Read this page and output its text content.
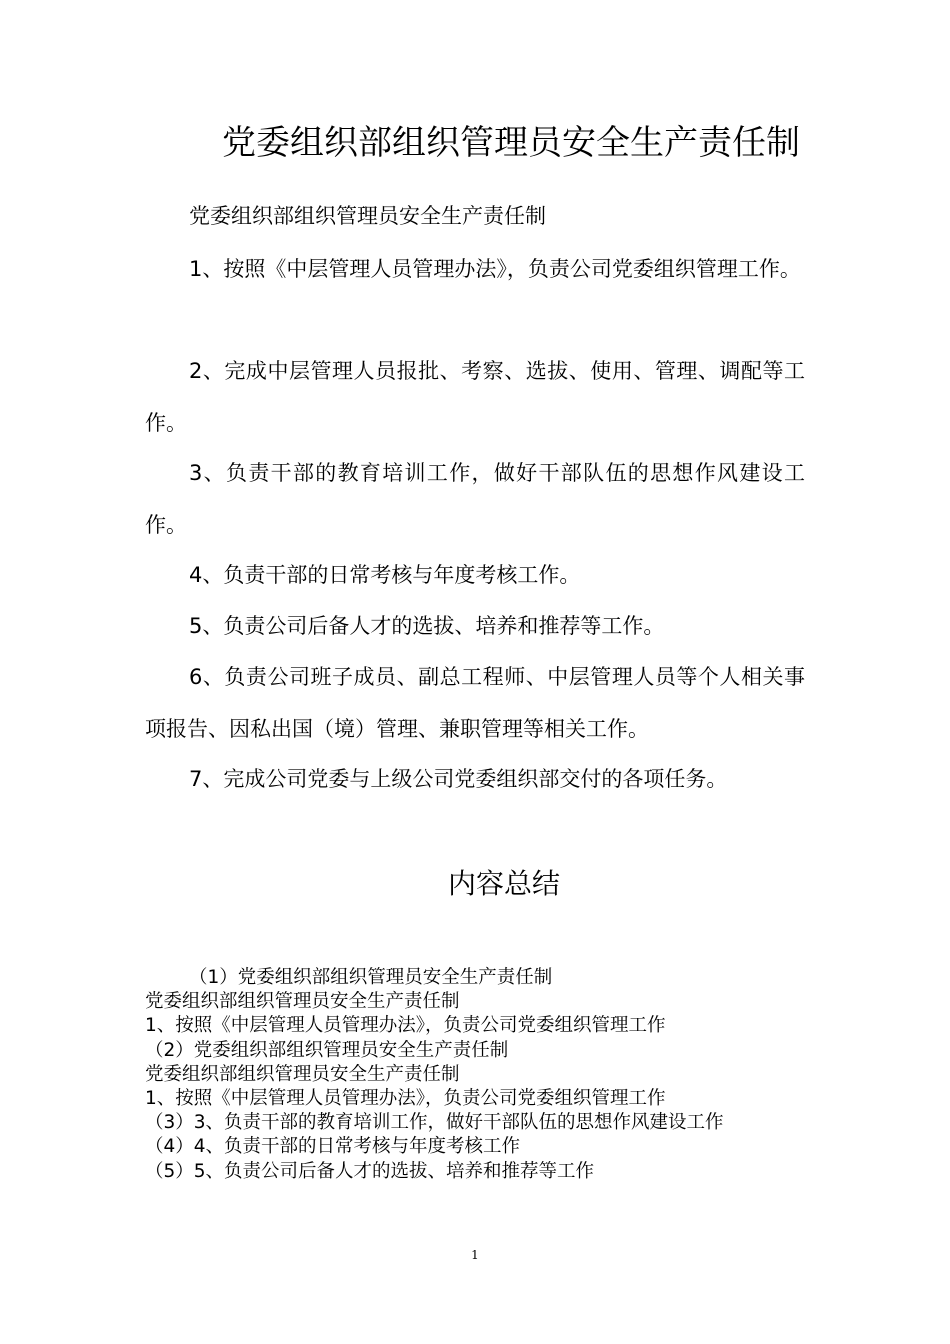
党委组织部组织管理员安全生产责任制
党委组织部组织管理员安全生产责任制
1、按照《中层管理人员管理办法》，负责公司党委组织管理工作。
2、完成中层管理人员报批、考察、选拔、使用、管理、调配等工作。
3、负责干部的教育培训工作，做好干部队伍的思想作风建设工作。
4、负责干部的日常考核与年度考核工作。
5、负责公司后备人才的选拔、培养和推荐等工作。
6、负责公司班子成员、副总工程师、中层管理人员等个人相关事项报告、因私出国（境）管理、兼职管理等相关工作。
7、完成公司党委与上级公司党委组织部交付的各项任务。
内容总结
（1）党委组织部组织管理员安全生产责任制
党委组织部组织管理员安全生产责任制
1、按照《中层管理人员管理办法》，负责公司党委组织管理工作
（2）党委组织部组织管理员安全生产责任制
党委组织部组织管理员安全生产责任制
1、按照《中层管理人员管理办法》，负责公司党委组织管理工作
（3）3、负责干部的教育培训工作，做好干部队伍的思想作风建设工作
（4）4、负责干部的日常考核与年度考核工作
（5）5、负责公司后备人才的选拔、培养和推荐等工作
1
